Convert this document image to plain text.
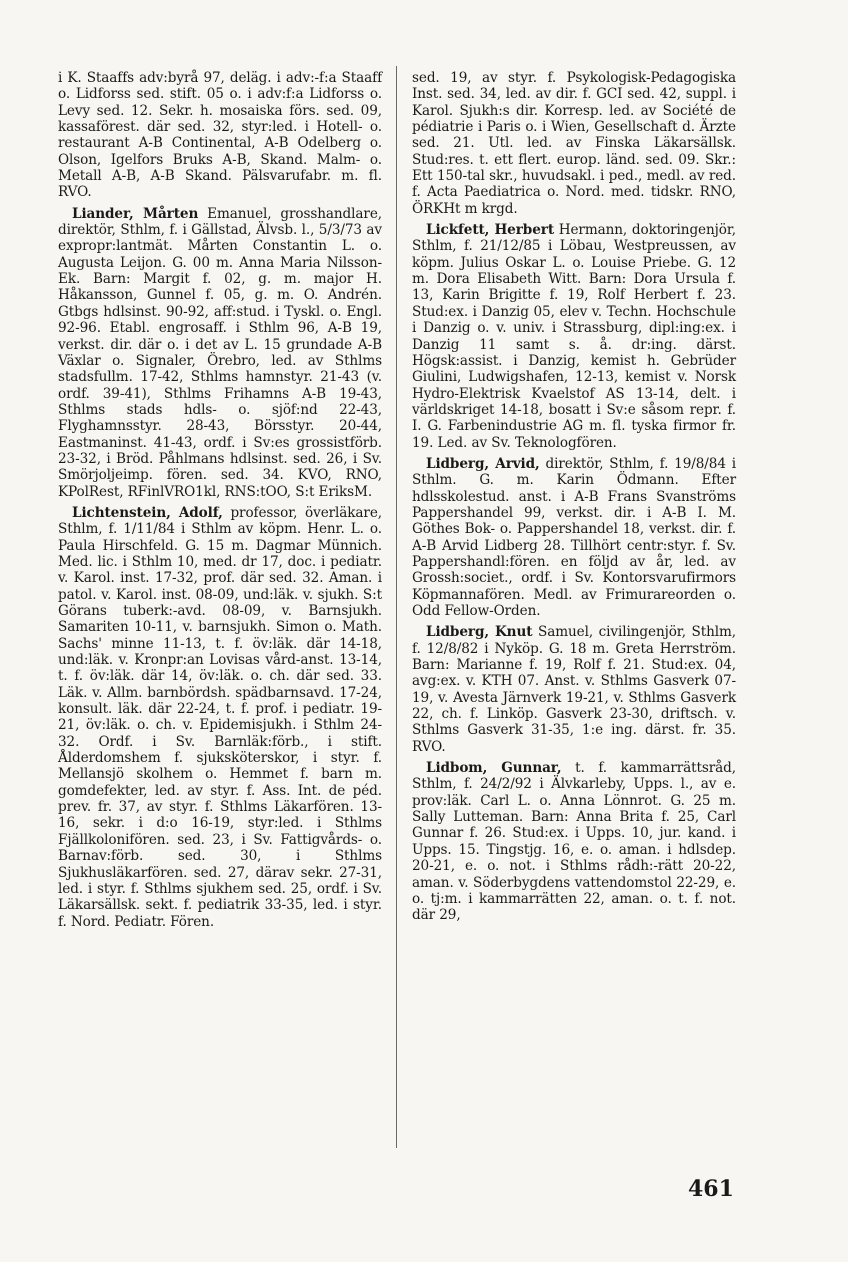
i K. Staaffs adv:byrå 97, deläg. i adv:-f:a Staaff o. Lidforss sed. stift. 05 o. i adv:f:a Lidforss o. Levy sed. 12. Sekr. h. mosaiska förs. sed. 09, kassaförest. där sed. 32, styr:led. i Hotell- o. restaurant A-B Continental, A-B Odelberg o. Olson, Igelfors Bruks A-B, Skand. Malm- o. Metall A-B, A-B Skand. Pälsvarufabr. m. fl. RVO.

Liander, Mårten Emanuel, grosshandlare, direktör, Sthlm, f. i Gällstad, Älvsb. l., 5/3/73 av expropr:lantmät. Mårten Constantin L. o. Augusta Leijon. G. 00 m. Anna Maria Nilsson-Ek. Barn: Margit f. 02, g. m. major H. Håkansson, Gunnel f. 05, g. m. O. Andrén. Gtbgs hdlsinst. 90-92, aff:stud. i Tyskl. o. Engl. 92-96. Etabl. engrosaff. i Sthlm 96, A-B 19, verkst. dir. där o. i det av L. 15 grundade A-B Växlar o. Signaler, Örebro, led. av Sthlms stadsfullm. 17-42, Sthlms hamnstyr. 21-43 (v. ordf. 39-41), Sthlms Frihamns A-B 19-43, Sthlms stads hdls- o. sjöf:nd 22-43, Flyghamnsstyr. 28-43, Börsstyr. 20-44, Eastmaninst. 41-43, ordf. i Sv:es grossistförb. 23-32, i Bröd. Påhlmans hdlsinst. sed. 26, i Sv. Smörjoljeimp. fören. sed. 34. KVO, RNO, KPolRest, RFinlVRO1kl, RNS:tOO, S:t EriksM.

Lichtenstein, Adolf, professor, överläkare, Sthlm, f. 1/11/84 i Sthlm av köpm. Henr. L. o. Paula Hirschfeld. G. 15 m. Dagmar Münnich. Med. lic. i Sthlm 10, med. dr 17, doc. i pediatr. v. Karol. inst. 17-32, prof. där sed. 32. Aman. i patol. v. Karol. inst. 08-09, und:läk. v. sjukh. S:t Görans tuberk:-avd. 08-09, v. Barnsjukh. Samariten 10-11, v. barnsjukh. Simon o. Math. Sachs' minne 11-13, t. f. öv:läk. där 14-18, und:läk. v. Kronpr:an Lovisas vård-anst. 13-14, t. f. öv:läk. där 14, öv:läk. o. ch. där sed. 33. Läk. v. Allm. barnbördsh. spädbarnsavd. 17-24, konsult. läk. där 22-24, t. f. prof. i pediatr. 19-21, öv:läk. o. ch. v. Epidemisjukh. i Sthlm 24-32. Ordf. i Sv. Barnläk:förb., i stift. Ålderdomshem f. sjuksköterskor, i styr. f. Mellansjö skolhem o. Hemmet f. barn m. gomdefekter, led. av styr. f. Ass. Int. de péd. prev. fr. 37, av styr. f. Sthlms Läkarfören. 13-16, sekr. i d:o 16-19, styr:led. i Sthlms Fjällkolonifören. sed. 23, i Sv. Fattigvårds- o. Barnav:förb. sed. 30, i Sthlms Sjukhusläkarfören. sed. 27, därav sekr. 27-31, led. i styr. f. Sthlms sjukhem sed. 25, ordf. i Sv. Läkarsällsk. sekt. f. pediatrik 33-35, led. i styr. f. Nord. Pediatr. Fören.

sed. 19, av styr. f. Psykologisk-Pedagogiska Inst. sed. 34, led. av dir. f. GCI sed. 42, suppl. i Karol. Sjukh:s dir. Korresp. led. av Société de pédiatrie i Paris o. i Wien, Gesellschaft d. Ärzte sed. 21. Utl. led. av Finska Läkarsällsk. Stud:res. t. ett flert. europ. länd. sed. 09. Skr.: Ett 150-tal skr., huvudsakl. i ped., medl. av red. f. Acta Paediatrica o. Nord. med. tidskr. RNO, ÖRKHt m krgd.

Lickfett, Herbert Hermann, doktoringenjör, Sthlm, f. 21/12/85 i Löbau, Westpreussen, av köpm. Julius Oskar L. o. Louise Priebe. G. 12 m. Dora Elisabeth Witt. Barn: Dora Ursula f. 13, Karin Brigitte f. 19, Rolf Herbert f. 23. Stud:ex. i Danzig 05, elev v. Techn. Hochschule i Danzig o. v. univ. i Strassburg, dipl:ing:ex. i Danzig 11 samt s. å. dr:ing. därst. Högsk:assist. i Danzig, kemist h. Gebrüder Giulini, Ludwigshafen, 12-13, kemist v. Norsk Hydro-Elektrisk Kvaelstof AS 13-14, delt. i världskriget 14-18, bosatt i Sv:e såsom repr. f. I. G. Farbenindustrie AG m. fl. tyska firmor fr. 19. Led. av Sv. Teknologfören.

Lidberg, Arvid, direktör, Sthlm, f. 19/8/84 i Sthlm. G. m. Karin Ödmann. Efter hdlsskolestud. anst. i A-B Frans Svanströms Pappershandel 99, verkst. dir. i A-B I. M. Göthes Bok- o. Pappershandel 18, verkst. dir. f. A-B Arvid Lidberg 28. Tillhört centr:styr. f. Sv. Pappershandl:fören. en följd av år, led. av Grossh:societ., ordf. i Sv. Kontorsvarufirmors Köpmannafören. Medl. av Frimurareorden o. Odd Fellow-Orden.

Lidberg, Knut Samuel, civilingenjör, Sthlm, f. 12/8/82 i Nyköp. G. 18 m. Greta Herrström. Barn: Marianne f. 19, Rolf f. 21. Stud:ex. 04, avg:ex. v. KTH 07. Anst. v. Sthlms Gasverk 07-19, v. Avesta Järnverk 19-21, v. Sthlms Gasverk 22, ch. f. Linköp. Gasverk 23-30, driftsch. v. Sthlms Gasverk 31-35, 1:e ing. därst. fr. 35. RVO.

Lidbom, Gunnar, t. f. kammarrättsråd, Sthlm, f. 24/2/92 i Älvkarleby, Upps. l., av e. prov:läk. Carl L. o. Anna Lönnrot. G. 25 m. Sally Lutteman. Barn: Anna Brita f. 25, Carl Gunnar f. 26. Stud:ex. i Upps. 10, jur. kand. i Upps. 15. Tingstjg. 16, e. o. aman. i hdlsdep. 20-21, e. o. not. i Sthlms rådh:-rätt 20-22, aman. v. Söderbygdens vattendomstol 22-29, e. o. tj:m. i kammarrätten 22, aman. o. t. f. not. där 29,

461
